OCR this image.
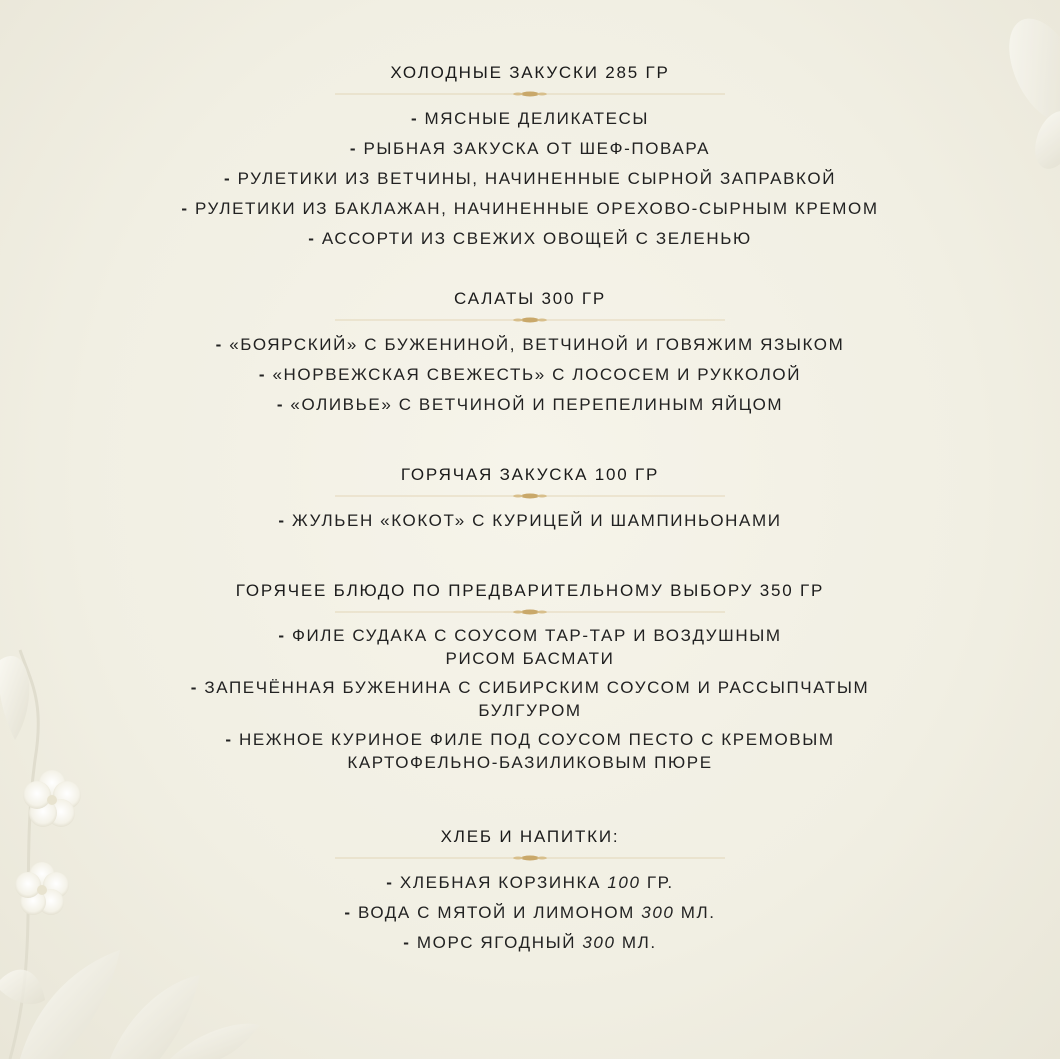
ХОЛОДНЫЕ ЗАКУСКИ 285 ГР

- МЯСНЫЕ ДЕЛИКАТЕСЫ

- РЫБНАЯ ЗАКУСКА ОТ ШЕФ-ПОВАРА

- РУЛЕТИКИ ИЗ ВЕТЧИНЫ, НАЧИНЕННЫЕ СЫРНОЙ ЗАПРАВКОЙ

- РУЛЕТИКИ ИЗ БАКЛАЖАН, НАЧИНЕННЫЕ ОРЕХОВО-СЫРНЫМ КРЕМОМ

- АССОРТИ ИЗ СВЕЖИХ ОВОЩЕЙ С ЗЕЛЕНЬЮ

САЛАТЫ 300 ГР

- «БОЯРСКИЙ» С БУЖЕНИНОЙ, ВЕТЧИНОЙ И ГОВЯЖИМ ЯЗЫКОМ

- «НОРВЕЖСКАЯ СВЕЖЕСТЬ» С ЛОСОСЕМ И РУККОЛОЙ

- «ОЛИВЬЕ» С ВЕТЧИНОЙ И ПЕРЕПЕЛИНЫМ ЯЙЦОМ

ГОРЯЧАЯ ЗАКУСКА 100 ГР

- ЖУЛЬЕН «КОКОТ» С КУРИЦЕЙ И ШАМПИНЬОНАМИ

ГОРЯЧЕЕ БЛЮДО ПО ПРЕДВАРИТЕЛЬНОМУ ВЫБОРУ 350 ГР

- ФИЛЕ СУДАКА С СОУСОМ ТАР-ТАР И ВОЗДУШНЫМ
РИСОМ БАСМАТИ

- ЗАПЕЧЁННАЯ БУЖЕНИНА С СИБИРСКИМ СОУСОМ И РАССЫПЧАТЫМ
БУЛГУРОМ

- НЕЖНОЕ КУРИНОЕ ФИЛЕ ПОД СОУСОМ ПЕСТО С КРЕМОВЫМ
КАРТОФЕЛЬНО-БАЗИЛИКОВЫМ ПЮРЕ

ХЛЕБ И НАПИТКИ:

- ХЛЕБНАЯ КОРЗИНКА 100 ГР.

- ВОДА С МЯТОЙ И ЛИМОНОМ 300 МЛ.

- МОРС ЯГОДНЫЙ 300 МЛ.
